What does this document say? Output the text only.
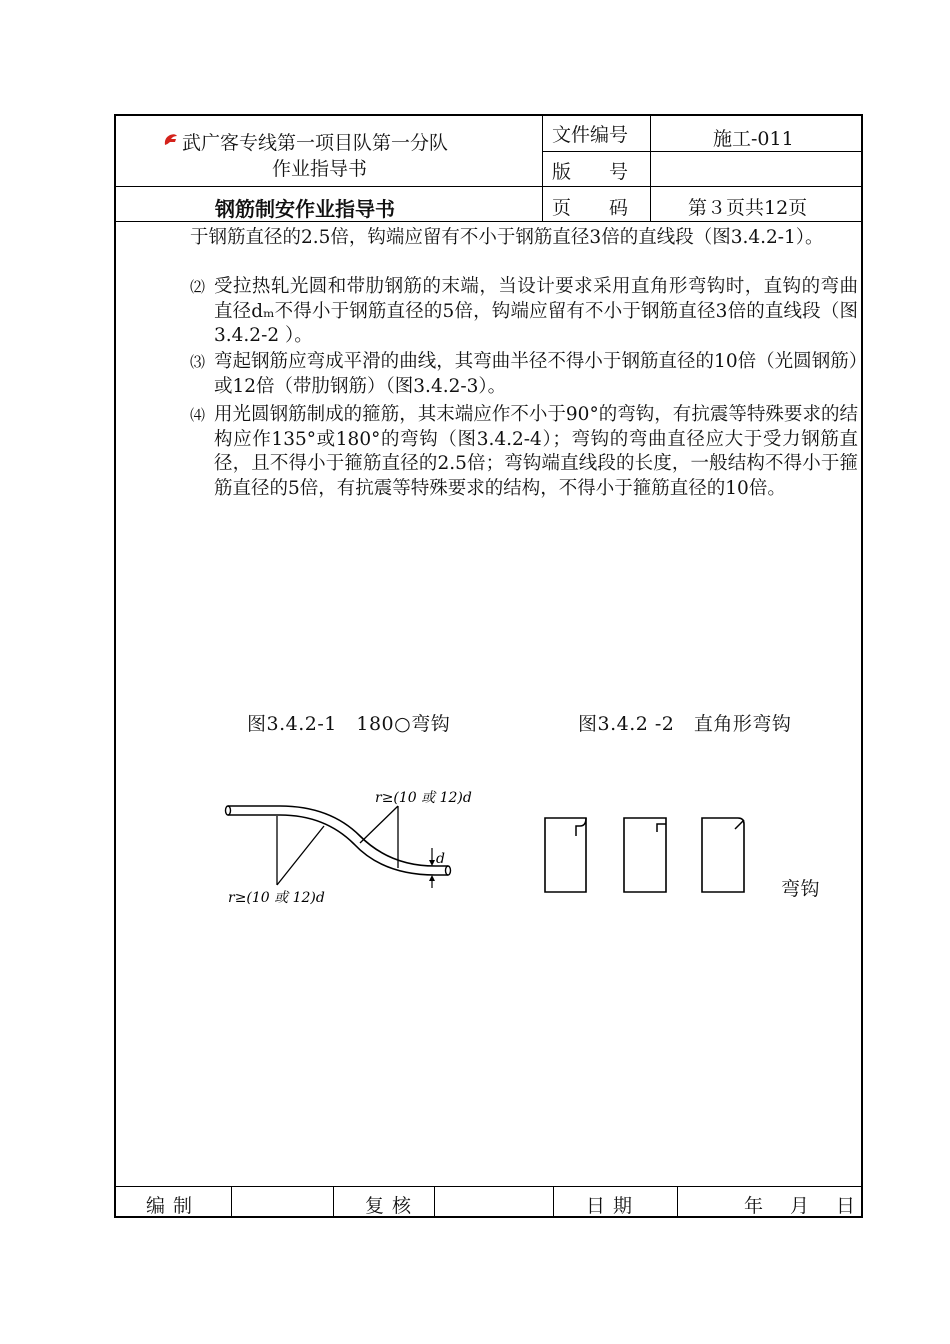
武广客专线第一项目队第一分队
作业指导书
钢筋制安作业指导书
文件编号	施工-011
版　　号
页　　码	第３页共12页
于钢筋直径的2.5倍，钩端应留有不小于钢筋直径3倍的直线段（图3.4.2-1）。
⑵ 受拉热轧光圆和带肋钢筋的末端，当设计要求采用直角形弯钩时，直钩的弯曲直径dₘ不得小于钢筋直径的5倍，钩端应留有不小于钢筋直径3倍的直线段（图3.4.2-2 ）。
⑶ 弯起钢筋应弯成平滑的曲线，其弯曲半径不得小于钢筋直径的10倍（光圆钢筋）或12倍（带肋钢筋）（图3.4.2-3）。
⑷ 用光圆钢筋制成的箍筋，其末端应作不小于90°的弯钩，有抗震等特殊要求的结构应作135°或180°的弯钩（图3.4.2-4）；弯钩的弯曲直径应大于受力钢筋直径，且不得小于箍筋直径的2.5倍；弯钩端直线段的长度，一般结构不得小于箍筋直径的5倍，有抗震等特殊要求的结构，不得小于箍筋直径的10倍。
图3.4.2-1　180○弯钩	图3.4.2 -2　直角形弯钩
r≥(10 或 12)d
r≥(10 或 12)d
d
弯钩
编制	复核	日期	年　月　日
